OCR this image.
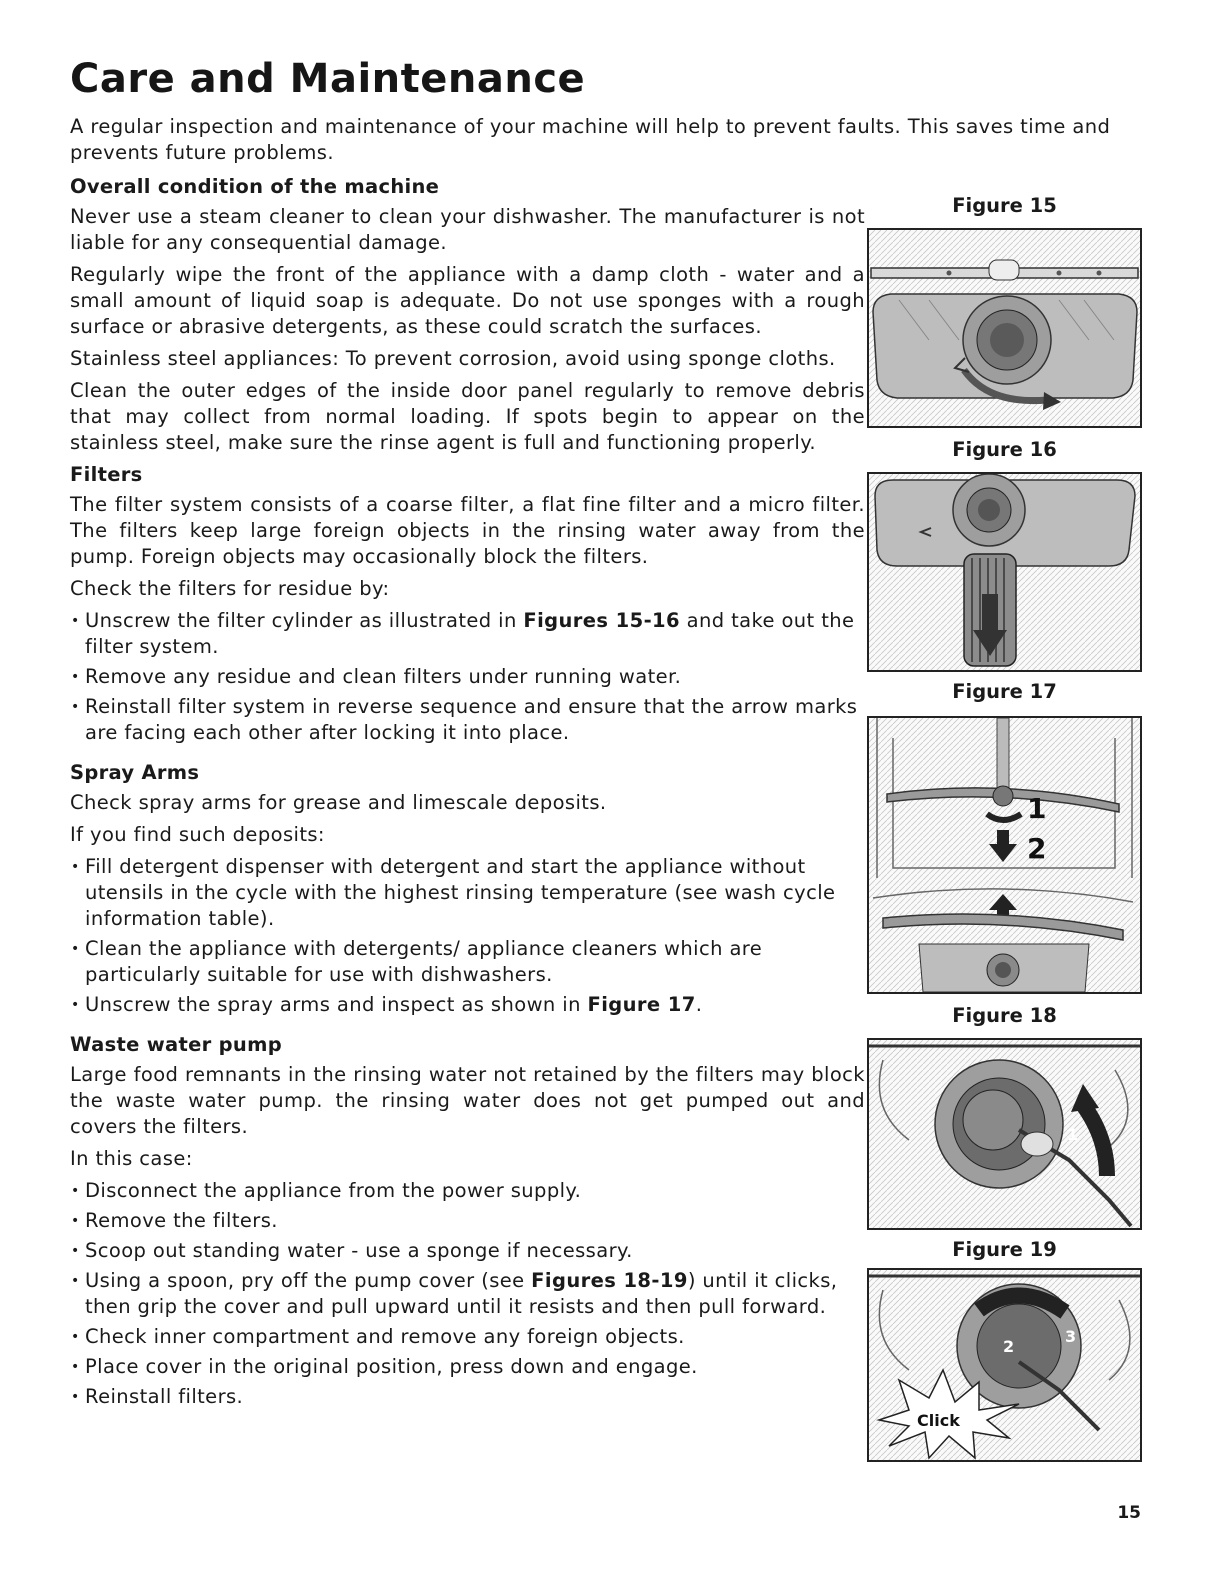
Care and Maintenance

A regular inspection and maintenance of your machine will help to prevent faults. This saves time and prevents future problems.

Overall condition of the machine

Never use a steam cleaner to clean your dishwasher. The manufacturer is not liable for any consequential damage.

Regularly wipe the front of the appliance with a damp cloth - water and a small amount of liquid soap is adequate. Do not use sponges with a rough surface or abrasive detergents, as these could scratch the surfaces.

Stainless steel appliances: To prevent corrosion, avoid using sponge cloths.

Clean the outer edges of the inside door panel regularly to remove debris that may collect from normal loading. If spots begin to appear on the stainless steel, make sure the rinse agent is full and functioning properly.

Filters

The filter system consists of a coarse filter, a flat fine filter and a micro filter. The filters keep large foreign objects in the rinsing water away from the pump. Foreign objects may occasionally block the filters.

Check the filters for residue by:

• Unscrew the filter cylinder as illustrated in Figures 15-16 and take out the filter system.
• Remove any residue and clean filters under running water.
• Reinstall filter system in reverse sequence and ensure that the arrow marks are facing each other after locking it into place.
Spray Arms

Check spray arms for grease and limescale deposits.

If you find such deposits:

• Fill detergent dispenser with detergent and start the appliance without utensils in the cycle with the highest rinsing temperature (see wash cycle information table).
• Clean the appliance with detergents/ appliance cleaners which are particularly suitable for use with dishwashers.
• Unscrew the spray arms and inspect as shown in Figure 17.
Waste water pump

Large food remnants in the rinsing water not retained by the filters may block the waste water pump. the rinsing water does not get pumped out and covers the filters.

In this case:

• Disconnect the appliance from the power supply.
• Remove the filters.
• Scoop out standing water - use a sponge if necessary.
• Using a spoon, pry off the pump cover (see Figures 18-19) until it clicks, then grip the cover and pull upward until it resists and then pull forward.
• Check inner compartment and remove any foreign objects.
• Place cover in the original position, press down and engage.
• Reinstall filters.
Figure 15
Figure 16
Figure 17
1
2
Figure 18
1
Figure 19
2
3
Click
15
